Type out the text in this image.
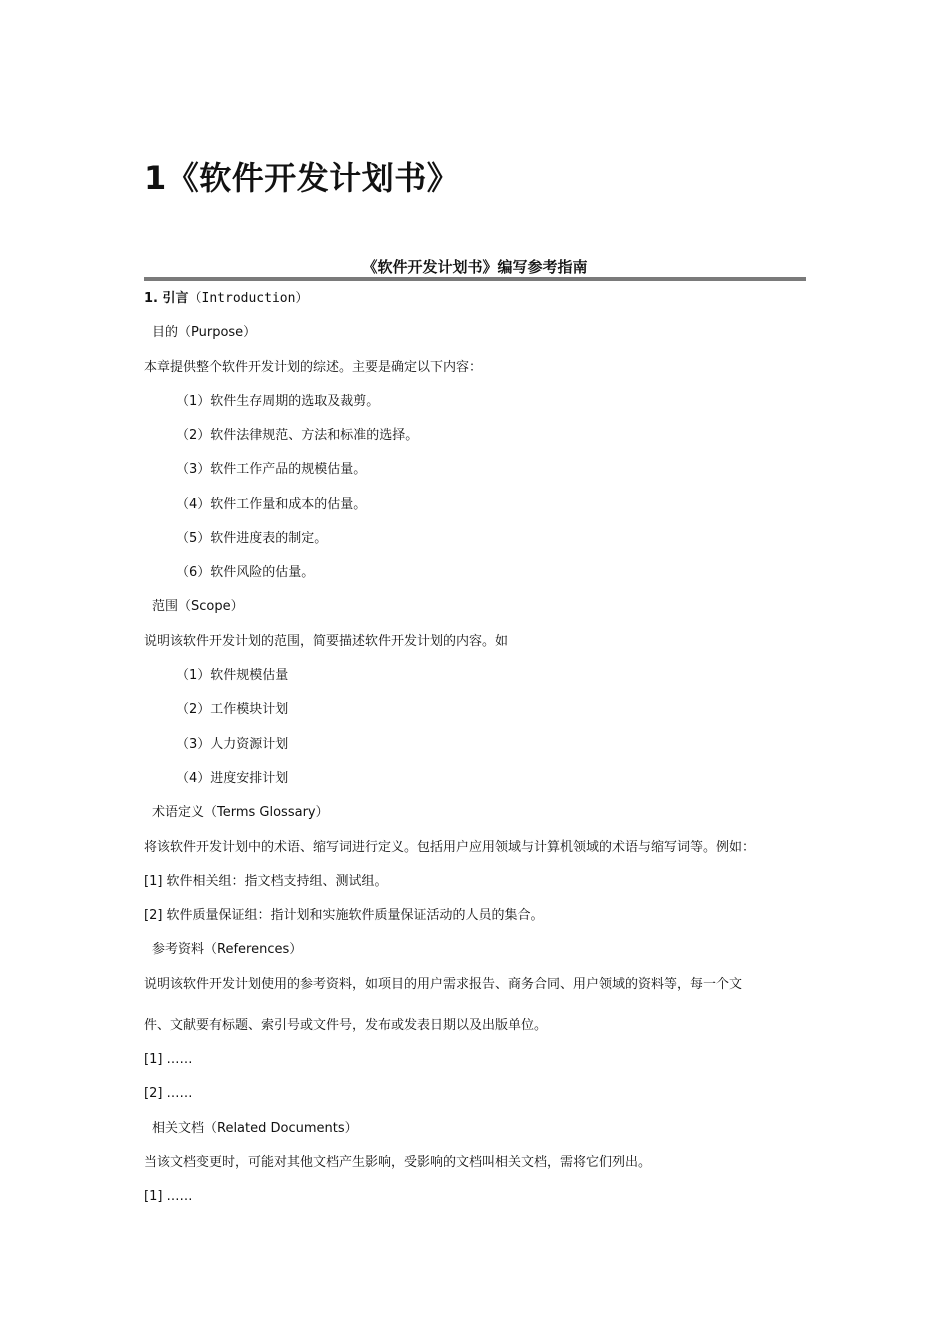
1《软件开发计划书》
《软件开发计划书》编写参考指南

1. 引言（Introduction）

目的（Purpose）

本章提供整个软件开发计划的综述。主要是确定以下内容：

（1）软件生存周期的选取及裁剪。

（2）软件法律规范、方法和标准的选择。

（3）软件工作产品的规模估量。

（4）软件工作量和成本的估量。

（5）软件进度表的制定。

（6）软件风险的估量。

范围（Scope）

说明该软件开发计划的范围，简要描述软件开发计划的内容。如

（1）软件规模估量

（2）工作模块计划

（3）人力资源计划

（4）进度安排计划

术语定义（Terms Glossary）

将该软件开发计划中的术语、缩写词进行定义。包括用户应用领域与计算机领域的术语与缩写词等。例如：

[1] 软件相关组：指文档支持组、测试组。

[2] 软件质量保证组：指计划和实施软件质量保证活动的人员的集合。

参考资料（References）

说明该软件开发计划使用的参考资料，如项目的用户需求报告、商务合同、用户领域的资料等，每一个文

件、文献要有标题、索引号或文件号，发布或发表日期以及出版单位。

[1] ……

[2] ……

相关文档（Related Documents）

当该文档变更时，可能对其他文档产生影响，受影响的文档叫相关文档，需将它们列出。

[1] ……
